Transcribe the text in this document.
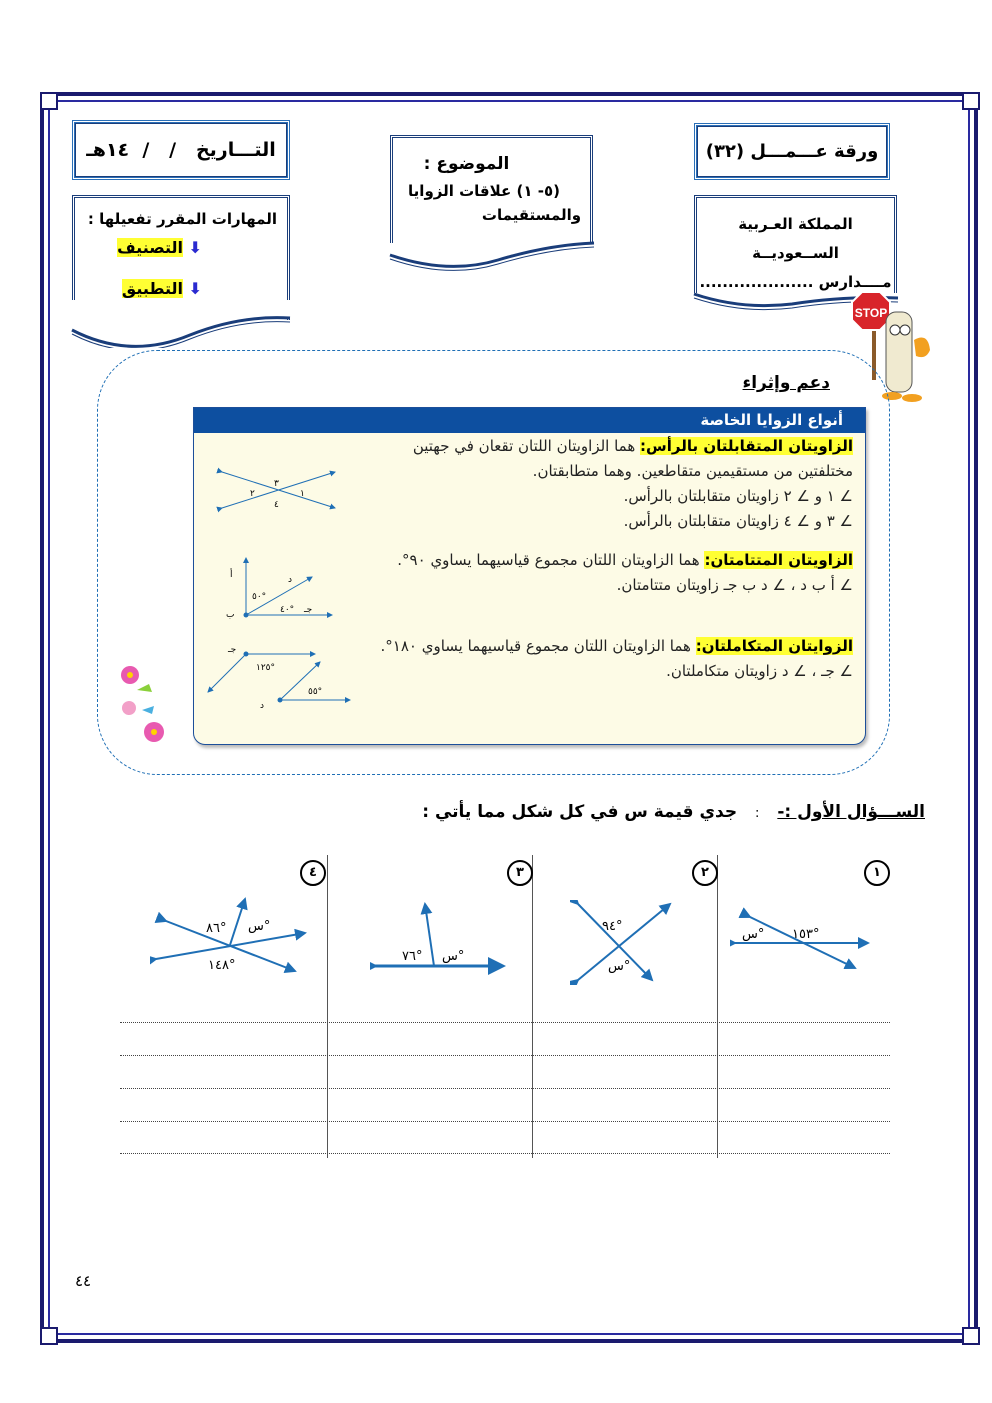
التـــاريخ   /   /  ١٤هـ
المهارات المقرر تفعيلها :
⬇ التصنيف
⬇ التطبيق
الموضوع :
(٥- ١) علاقات الزوايا
والمستقيمات
ورقة عـــمـــل (٣٢)
المملكة العـربية
الســعوديــة
مــــدارس ....................
STOP
دعم وإثراء
أنواع الزوايا الخاصة
الزاويتان المتقابلتان بالرأس: هما الزاويتان اللتان تقعان في جهتين مختلفتين من مستقيمين متقاطعين. وهما متطابقتان.
∠ ١ و ∠ ٢ زاويتان متقابلتان بالرأس.
∠ ٣ و ∠ ٤ زاويتان متقابلتان بالرأس.
الزاويتان المتتامتان: هما الزاويتان اللتان مجموع قياسيهما يساوي ٩٠°.
∠ أ ب د ، ∠ د ب جـ زاويتان متتامتان.
الزوايتان المتكاملتان: هما الزاويتان اللتان مجموع قياسيهما يساوي ١٨٠°.
∠ جـ ، ∠ د زاويتان متكاملتان.
١
٢
٣
٤
أ	د
ب	جـ
٥٠°
٤٠°
جـ
د
١٢٥°
٥٥°
الســـؤال الأول :- : جدي قيمة س في كل شكل مما يأتي :
١
٢
٣
٤
س° ١٥٣°
٩٤°
س°
٧٦° س°
٨٦° س°
١٤٨°
٤٤
